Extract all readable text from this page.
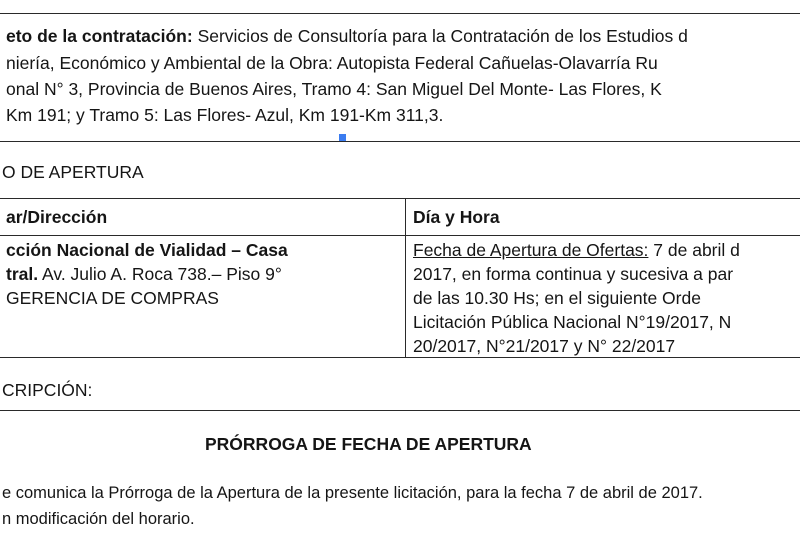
eto de la contratación: Servicios de Consultoría para la Contratación de los Estudios d
niería, Económico y Ambiental de la Obra: Autopista Federal Cañuelas-Olavarría Ru
onal N° 3, Provincia de Buenos Aires, Tramo 4: San Miguel Del Monte- Las Flores, K
Km 191; y Tramo 5: Las Flores- Azul, Km 191-Km 311,3.
O DE APERTURA
ar/Dirección	Día y Hora
cción Nacional de Vialidad – Casa
tral. Av. Julio A. Roca 738.– Piso 9°
GERENCIA DE COMPRAS
Fecha de Apertura de Ofertas: 7 de abril d
2017, en forma continua y sucesiva a par
de las 10.30 Hs; en el siguiente Orde
Licitación Pública Nacional N°19/2017, N
20/2017, N°21/2017 y N° 22/2017
CRIPCIÓN:
PRÓRROGA DE FECHA DE APERTURA
e comunica la Prórroga de la Apertura de la presente licitación, para la fecha 7 de abril de 2017.
n modificación del horario.
